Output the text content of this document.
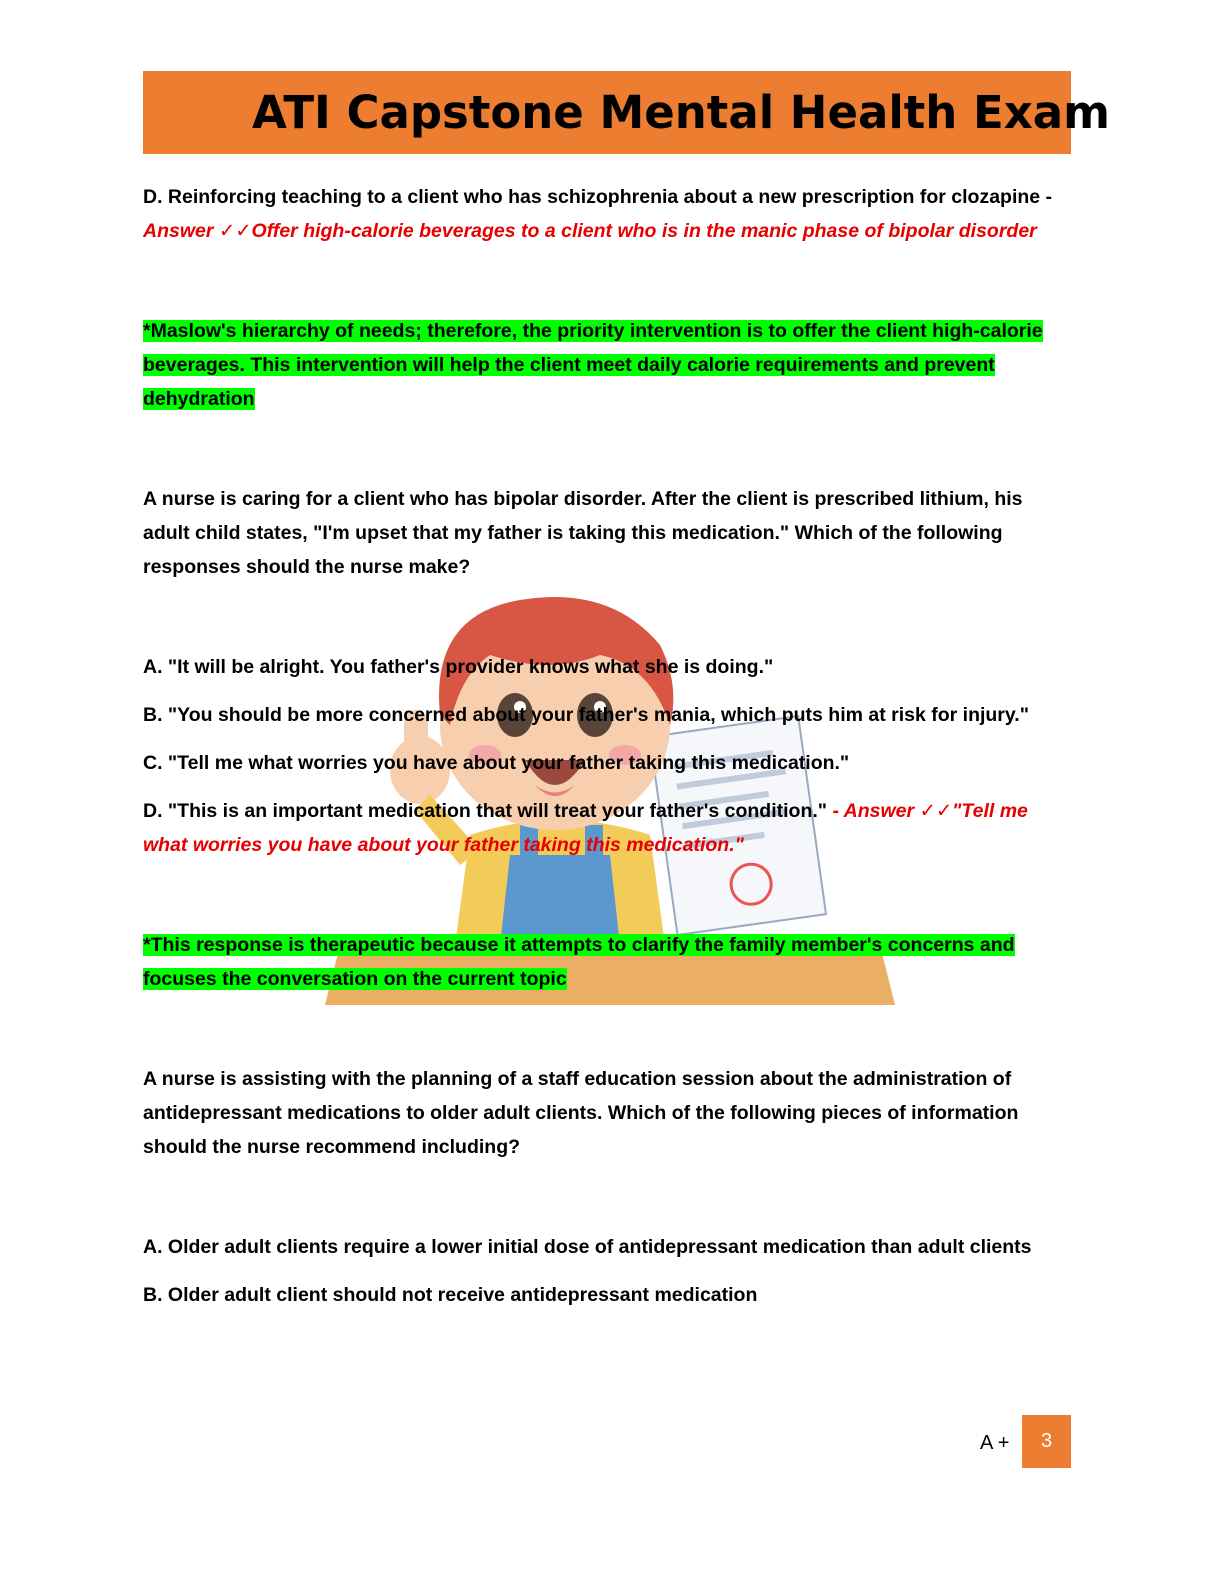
ATI Capstone Mental Health Exam

D. Reinforcing teaching to a client who has schizophrenia about a new prescription for clozapine - Answer ✓✓Offer high-calorie beverages to a client who is in the manic phase of bipolar disorder

*Maslow's hierarchy of needs; therefore, the priority intervention is to offer the client high-calorie beverages. This intervention will help the client meet daily calorie requirements and prevent dehydration

A nurse is caring for a client who has bipolar disorder. After the client is prescribed lithium, his adult child states, "I'm upset that my father is taking this medication." Which of the following responses should the nurse make?

A. "It will be alright. You father's provider knows what she is doing."

B. "You should be more concerned about your father's mania, which puts him at risk for injury."

C. "Tell me what worries you have about your father taking this medication."

D. "This is an important medication that will treat your father's condition." - Answer ✓✓"Tell me what worries you have about your father taking this medication."

*This response is therapeutic because it attempts to clarify the family member's concerns and focuses the conversation on the current topic

A nurse is assisting with the planning of a staff education session about the administration of antidepressant medications to older adult clients. Which of the following pieces of information should the nurse recommend including?

A. Older adult clients require a lower initial dose of antidepressant medication than adult clients

B. Older adult client should not receive antidepressant medication

A +	3
